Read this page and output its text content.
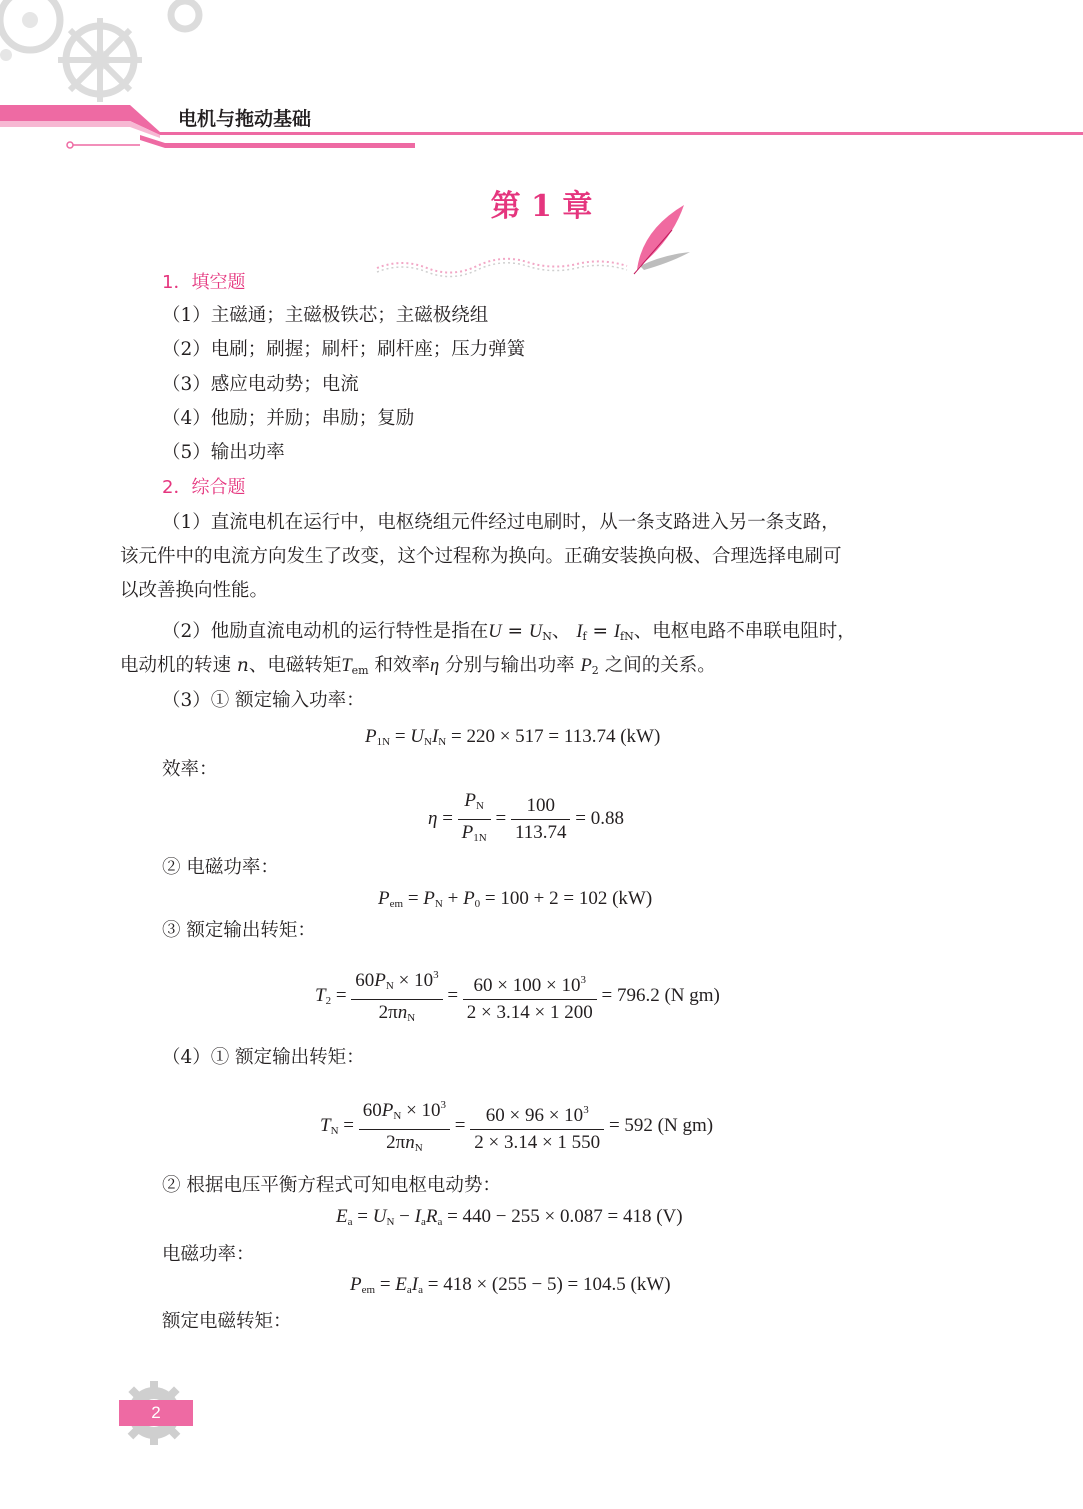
电机与拖动基础
第 1 章
1．填空题
（1）主磁通；主磁极铁芯；主磁极绕组
（2）电刷；刷握；刷杆；刷杆座；压力弹簧
（3）感应电动势；电流
（4）他励；并励；串励；复励
（5）输出功率
2．综合题
（1）直流电机在运行中，电枢绕组元件经过电刷时，从一条支路进入另一条支路，
该元件中的电流方向发生了改变，这个过程称为换向。正确安装换向极、合理选择电刷可
以改善换向性能。
（2）他励直流电动机的运行特性是指在$U = U_N$、 $I_f = I_{fN}$、电枢电路不串联电阻时，
电动机的转速 n、电磁转矩$T_{em}$ 和效率η 分别与输出功率 $P_2$ 之间的关系。
（3）① 额定输入功率：
$P_{1N} = U_NI_N = 220 \times 517 = 113.74$ (kW)
效率：
$\eta = \frac{P_N}{P_{1N}} = \frac{100}{113.74} = 0.88$
② 电磁功率：
$P_{em} = P_N + P_0 = 100 + 2 = 102$ (kW)
③ 额定输出转矩：
$T_2 = \frac{60P_N \times 10^3}{2\pi n_N} = \frac{60 \times 100 \times 10^3}{2 \times 3.14 \times 1 200} = 796.2$ (N gm)
（4）① 额定输出转矩：
$T_N = \frac{60P_N \times 10^3}{2\pi n_N} = \frac{60 \times 96 \times 10^3}{2 \times 3.14 \times 1 550} = 592$ (N gm)
② 根据电压平衡方程式可知电枢电动势：
$E_a = U_N - I_aR_a = 440 - 255 \times 0.087 = 418$ (V)
电磁功率：
$P_{em} = E_aI_a = 418 \times (255 - 5) = 104.5$ (kW)
额定电磁转矩：
2
